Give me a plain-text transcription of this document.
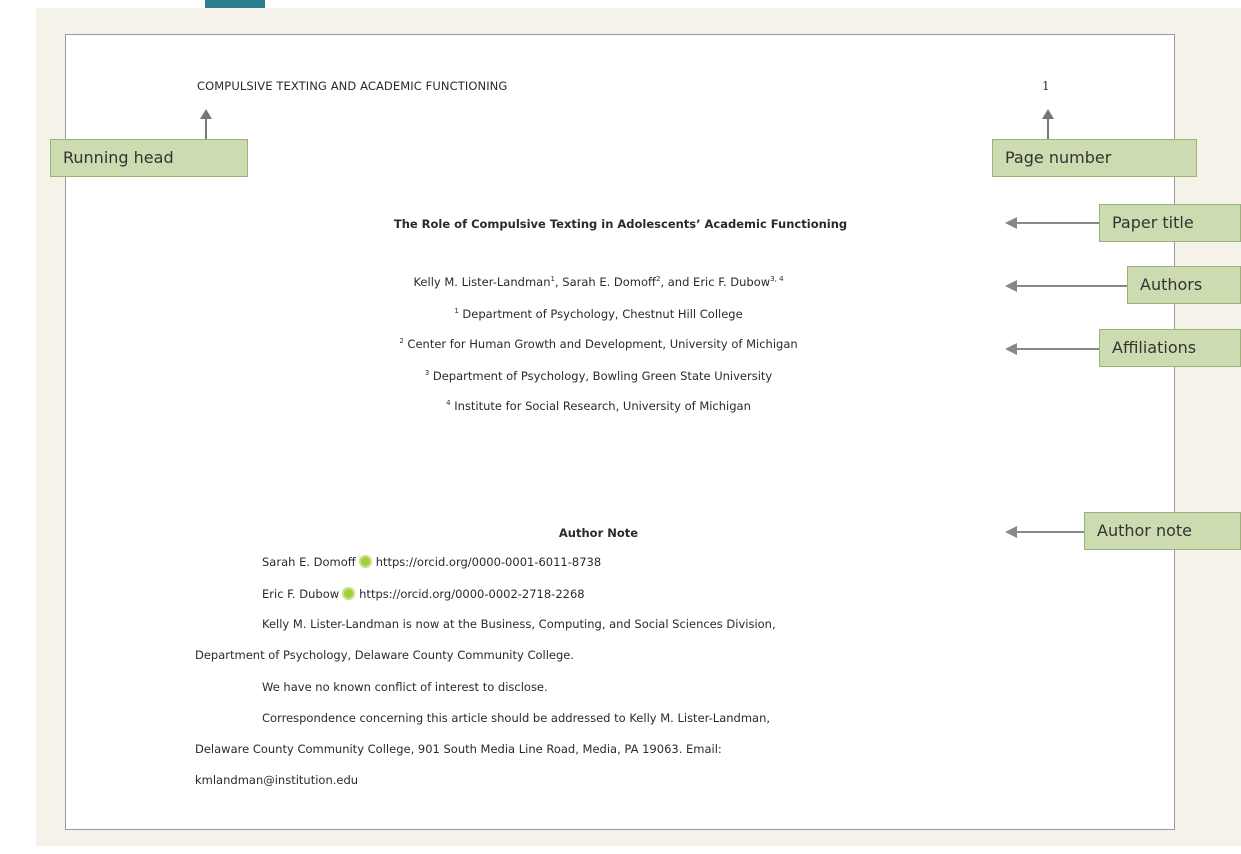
COMPULSIVE TEXTING AND ACADEMIC FUNCTIONING	1
The Role of Compulsive Texting in Adolescents’ Academic Functioning
Kelly M. Lister-Landman$^1$, Sarah E. Domoff$^2$, and Eric F. Dubow$^{3, 4}$
$^1$ Department of Psychology, Chestnut Hill College
$^2$ Center for Human Growth and Development, University of Michigan
$^3$ Department of Psychology, Bowling Green State University
$^4$ Institute for Social Research, University of Michigan
Author Note
Sarah E. Domoff https://orcid.org/0000-0001-6011-8738
Eric F. Dubow https://orcid.org/0000-0002-2718-2268
Kelly M. Lister-Landman is now at the Business, Computing, and Social Sciences Division,
Department of Psychology, Delaware County Community College.
We have no known conflict of interest to disclose.
Correspondence concerning this article should be addressed to Kelly M. Lister-Landman,
Delaware County Community College, 901 South Media Line Road, Media, PA 19063. Email:
kmlandman@institution.edu
Running head	Page number
Paper title
Authors
Affiliations
Author note
